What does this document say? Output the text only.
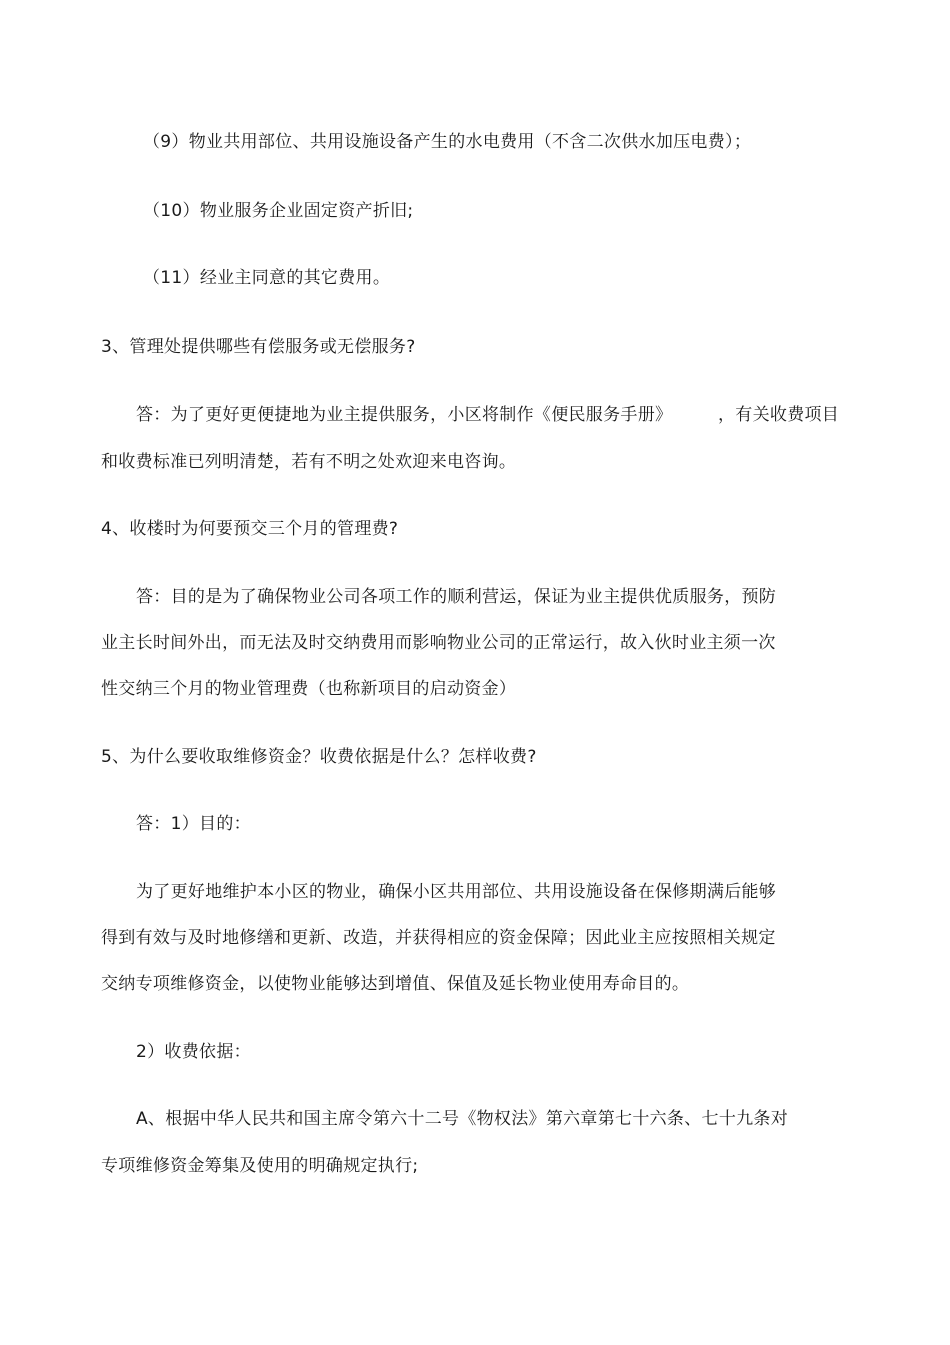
（9）物业共用部位、共用设施设备产生的水电费用（不含二次供水加压电费）；
（10）物业服务企业固定资产折旧;
（11）经业主同意的其它费用。
3、管理处提供哪些有偿服务或无偿服务?
答：为了更好更便捷地为业主提供服务，小区将制作《便民服务手册》	，有关收费项目
和收费标准已列明清楚，若有不明之处欢迎来电咨询。
4、收楼时为何要预交三个月的管理费?
答：目的是为了确保物业公司各项工作的顺利营运，保证为业主提供优质服务，预防
业主长时间外出，而无法及时交纳费用而影响物业公司的正常运行，故入伙时业主须一次
性交纳三个月的物业管理费（也称新项目的启动资金）
5、为什么要收取维修资金？收费依据是什么？怎样收费?
答：1）目的：
为了更好地维护本小区的物业，确保小区共用部位、共用设施设备在保修期满后能够
得到有效与及时地修缮和更新、改造，并获得相应的资金保障；因此业主应按照相关规定
交纳专项维修资金，以使物业能够达到增值、保值及延长物业使用寿命目的。
2）收费依据：
A、根据中华人民共和国主席令第六十二号《物权法》第六章第七十六条、七十九条对
专项维修资金筹集及使用的明确规定执行;
